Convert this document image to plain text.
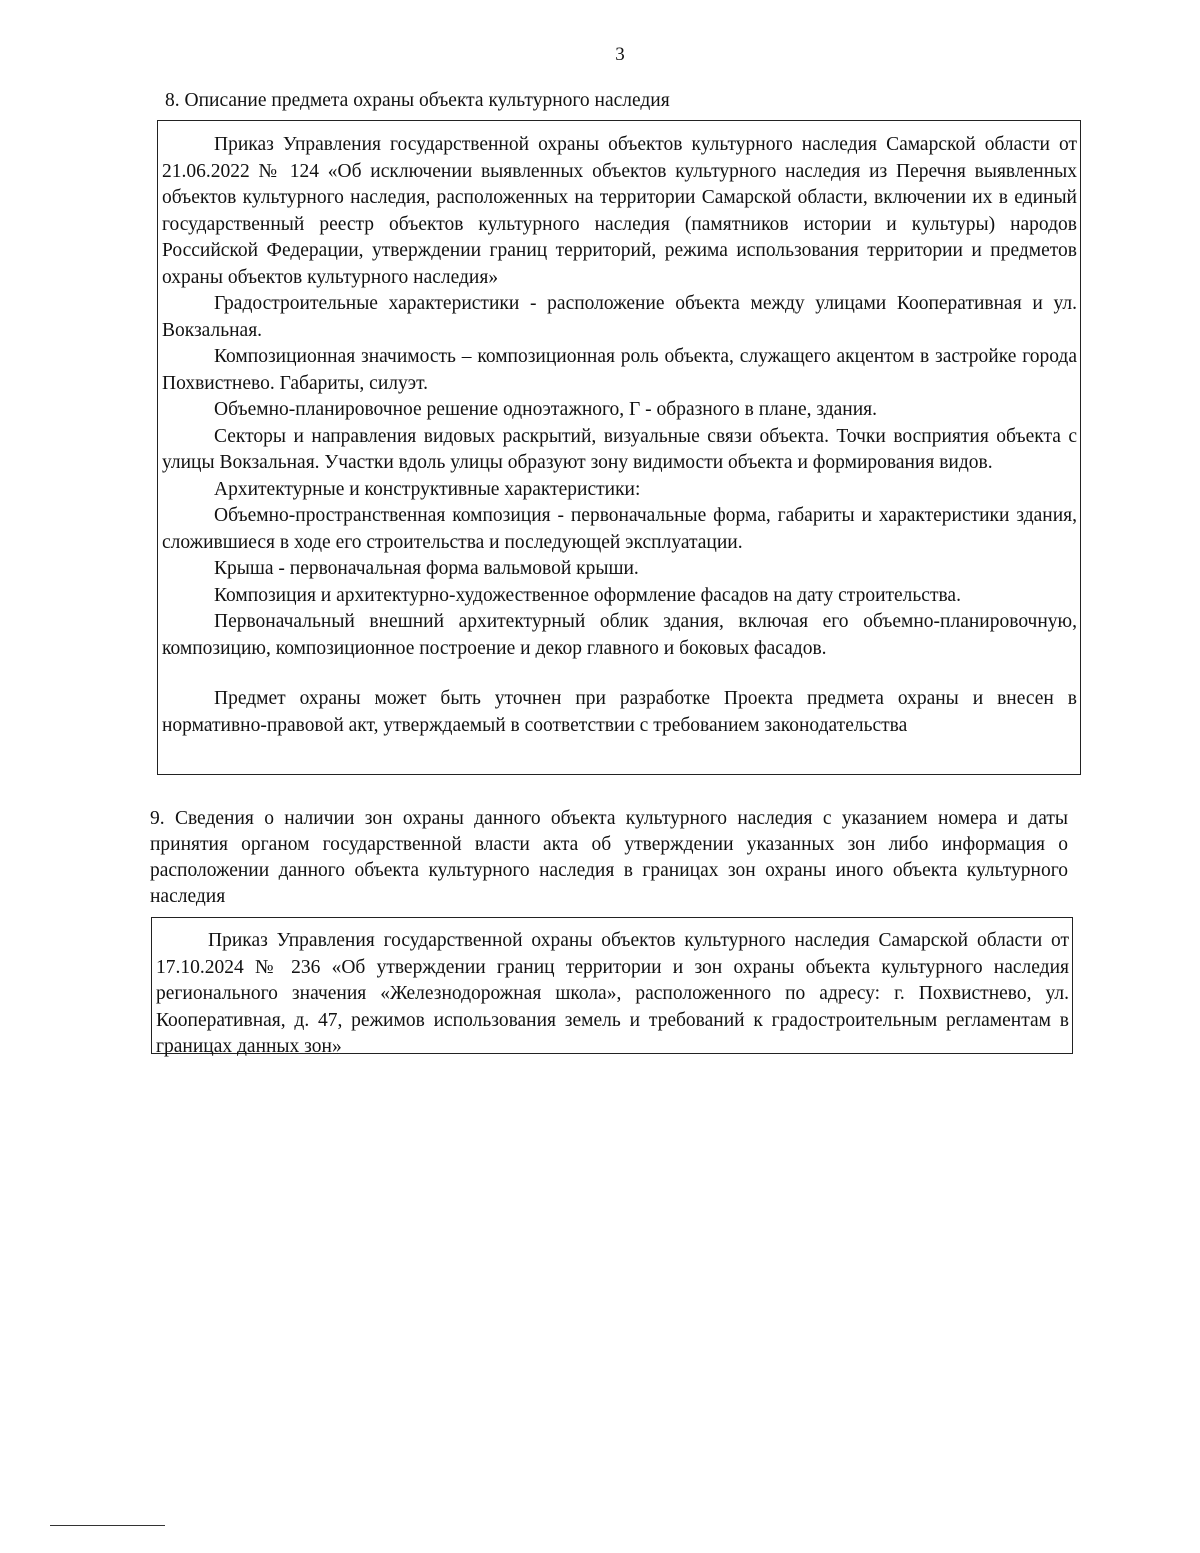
3
8. Описание предмета охраны объекта культурного наследия

Приказ Управления государственной охраны объектов культурного наследия Самарской области от 21.06.2022 № 124 «Об исключении выявленных объектов культурного наследия из Перечня выявленных объектов культурного наследия, расположенных на территории Самарской области, включении их в единый государственный реестр объектов культурного наследия (памятников истории и культуры) народов Российской Федерации, утверждении границ территорий, режима использования территории и предметов охраны объектов культурного наследия»

Градостроительные характеристики - расположение объекта между улицами Кооперативная и ул. Вокзальная.

Композиционная значимость – композиционная роль объекта, служащего акцентом в застройке города Похвистнево. Габариты, силуэт.

Объемно-планировочное решение одноэтажного, Г - образного в плане, здания.

Секторы и направления видовых раскрытий, визуальные связи объекта. Точки восприятия объекта с улицы Вокзальная. Участки вдоль улицы образуют зону видимости объекта и формирования видов.

Архитектурные и конструктивные характеристики:

Объемно-пространственная композиция - первоначальные форма, габариты и характеристики здания, сложившиеся в ходе его строительства и последующей эксплуатации.

Крыша - первоначальная форма вальмовой крыши.

Композиция и архитектурно-художественное оформление фасадов на дату строительства.

Первоначальный внешний архитектурный облик здания, включая его объемно-планировочную, композицию, композиционное построение и декор главного и боковых фасадов.

Предмет охраны может быть уточнен при разработке Проекта предмета охраны и внесен в нормативно-правовой акт, утверждаемый в соответствии с требованием законодательства

9. Сведения о наличии зон охраны данного объекта культурного наследия с указанием номера и даты принятия органом государственной власти акта об утверждении указанных зон либо информация о расположении данного объекта культурного наследия в границах зон охраны иного объекта культурного наследия

Приказ Управления государственной охраны объектов культурного наследия Самарской области от 17.10.2024 № 236 «Об утверждении границ территории и зон охраны объекта культурного наследия регионального значения «Железнодорожная школа», расположенного по адресу: г. Похвистнево, ул. Кооперативная, д. 47, режимов использования земель и требований к градостроительным регламентам в границах данных зон»
